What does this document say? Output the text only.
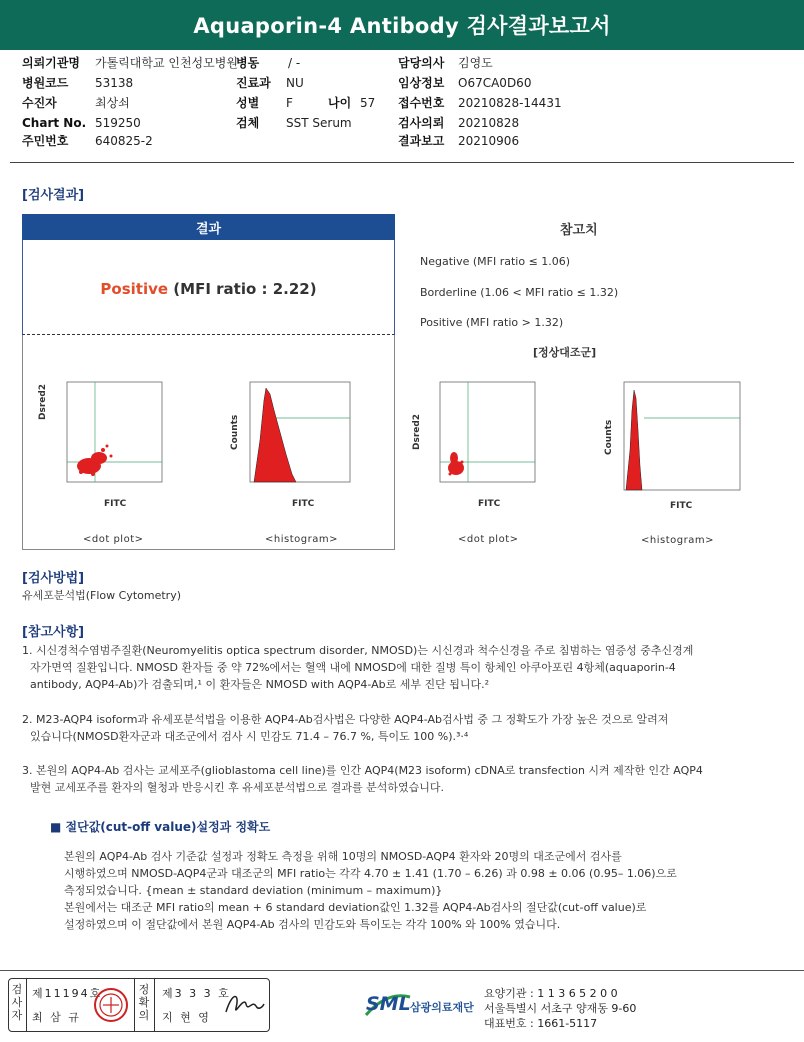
Aquaporin-4 Antibody 검사결과보고서
의뢰기관명 가톨릭대학교 인천성모병원
병동 / -	담당의사 김영도
병원코드 53138	진료과 NU	임상정보 O67CA0D60
수진자	최상쇠	성별 F	나이 57 접수번호 20210828-14431
Chart No. 519250	검체 SST Serum	검사의뢰 20210828
주민번호 640825-2	결과보고 20210906
[검사결과]
결과
Positive (MFI ratio : 2.22)
참고치
Negative (MFI ratio ≤ 1.06)
Borderline (1.06 < MFI ratio ≤ 1.32)
Positive (MFI ratio > 1.32)
[정상대조군]
Dsred2
FITC
<dot plot>
Counts
FITC
<histogram>
Dsred2
FITC
<dot plot>
Counts
FITC
<histogram>
[검사방법]
유세포분석법(Flow Cytometry)
[참고사항]
1. 시신경척수염범주질환(Neuromyelitis optica spectrum disorder, NMOSD)는 시신경과 척수신경을 주로 침범하는 염증성 중추신경계
자가면역 질환입니다. NMOSD 환자들 중 약 72%에서는 혈액 내에 NMOSD에 대한 질병 특이 항체인 아쿠아포린 4항체(aquaporin-4
antibody, AQP4-Ab)가 검출되며,¹ 이 환자들은 NMOSD with AQP4-Ab로 세부 진단 됩니다.²
2. M23-AQP4 isoform과 유세포분석법을 이용한 AQP4-Ab검사법은 다양한 AQP4-Ab검사법 중 그 정확도가 가장 높은 것으로 알려져
있습니다(NMOSD환자군과 대조군에서 검사 시 민감도 71.4 – 76.7 %, 특이도 100 %).³·⁴
3. 본원의 AQP4-Ab 검사는 교세포주(glioblastoma cell line)를 인간 AQP4(M23 isoform) cDNA로 transfection 시켜 제작한 인간 AQP4
발현 교세포주를 환자의 혈청과 반응시킨 후 유세포분석법으로 결과를 분석하였습니다.
■ 절단값(cut-off value)설정과 정확도
본원의 AQP4-Ab 검사 기준값 설정과 정확도 측정을 위해 10명의 NMOSD-AQP4 환자와 20명의 대조군에서 검사를
시행하였으며 NMOSD-AQP4군과 대조군의 MFI ratio는 각각 4.70 ± 1.41 (1.70 – 6.26) 과 0.98 ± 0.06 (0.95– 1.06)으로
측정되었습니다. {mean ± standard deviation (minimum – maximum)}
본원에서는 대조군 MFI ratio의 mean + 6 standard deviation값인 1.32를 AQP4-Ab검사의 절단값(cut-off value)로
설정하였으며 이 절단값에서 본원 AQP4-Ab 검사의 민감도와 특이도는 각각 100% 와 100% 였습니다.
검사자
제11194호
최 삼 규
정확의
제3 3 3 호
지 현 영
SML 삼광의료재단
요양기관 : 1 1 3 6 5 2 0 0
서울특별시 서초구 양재동 9-60
대표번호 : 1661-5117
